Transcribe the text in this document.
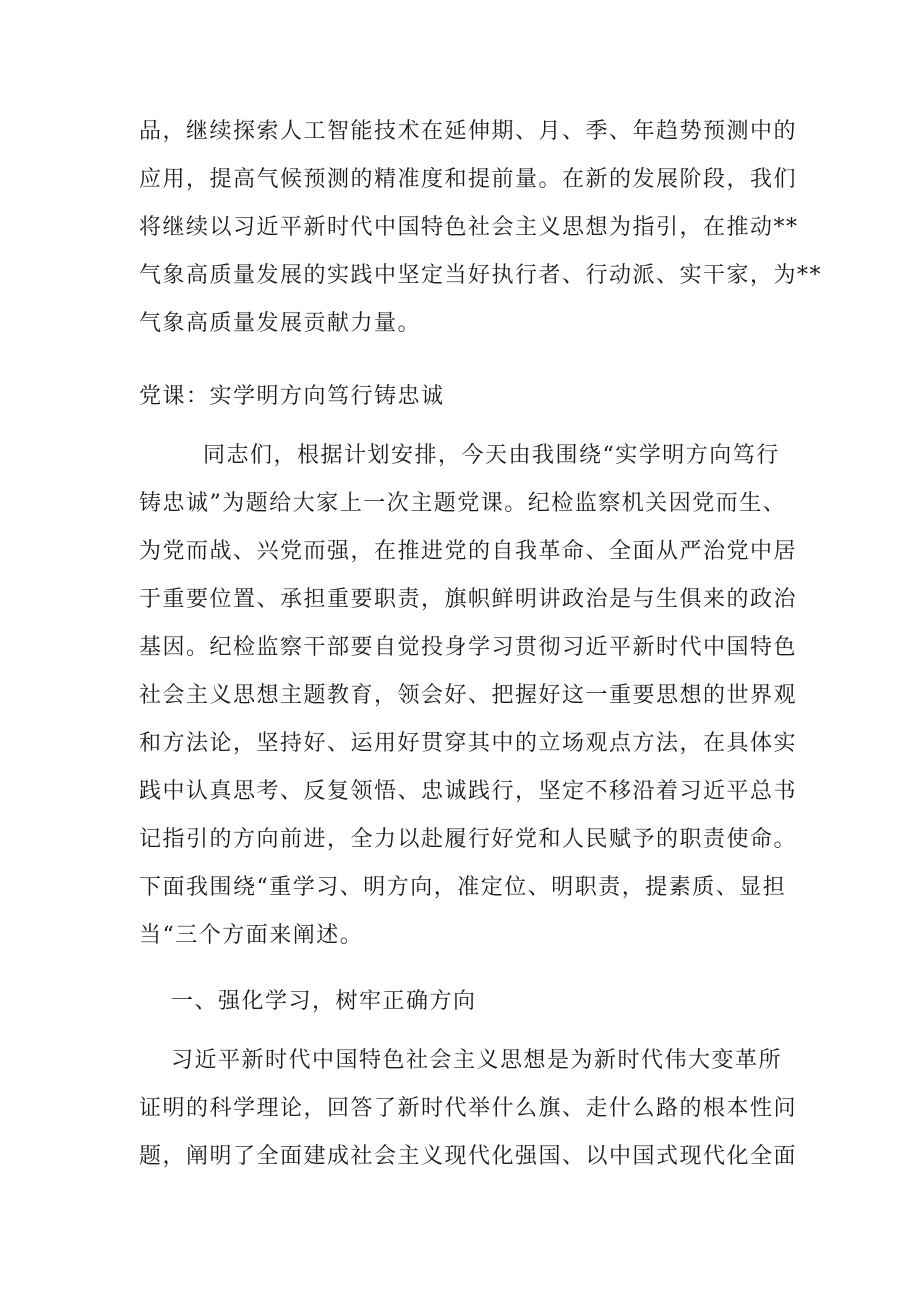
品，继续探索人工智能技术在延伸期、月、季、年趋势预测中的
应用，提高气候预测的精准度和提前量。在新的发展阶段，我们
将继续以习近平新时代中国特色社会主义思想为指引，在推动**
气象高质量发展的实践中坚定当好执行者、行动派、实干家，为**
气象高质量发展贡献力量。
党课：实学明方向笃行铸忠诚
同志们，根据计划安排，今天由我围绕“实学明方向笃行
铸忠诚”为题给大家上一次主题党课。纪检监察机关因党而生、
为党而战、兴党而强，在推进党的自我革命、全面从严治党中居
于重要位置、承担重要职责，旗帜鲜明讲政治是与生俱来的政治
基因。纪检监察干部要自觉投身学习贯彻习近平新时代中国特色
社会主义思想主题教育，领会好、把握好这一重要思想的世界观
和方法论，坚持好、运用好贯穿其中的立场观点方法，在具体实
践中认真思考、反复领悟、忠诚践行，坚定不移沿着习近平总书
记指引的方向前进，全力以赴履行好党和人民赋予的职责使命。
下面我围绕“重学习、明方向，准定位、明职责，提素质、显担
当“三个方面来阐述。
一、强化学习，树牢正确方向
习近平新时代中国特色社会主义思想是为新时代伟大变革所
证明的科学理论，回答了新时代举什么旗、走什么路的根本性问
题，阐明了全面建成社会主义现代化强国、以中国式现代化全面
